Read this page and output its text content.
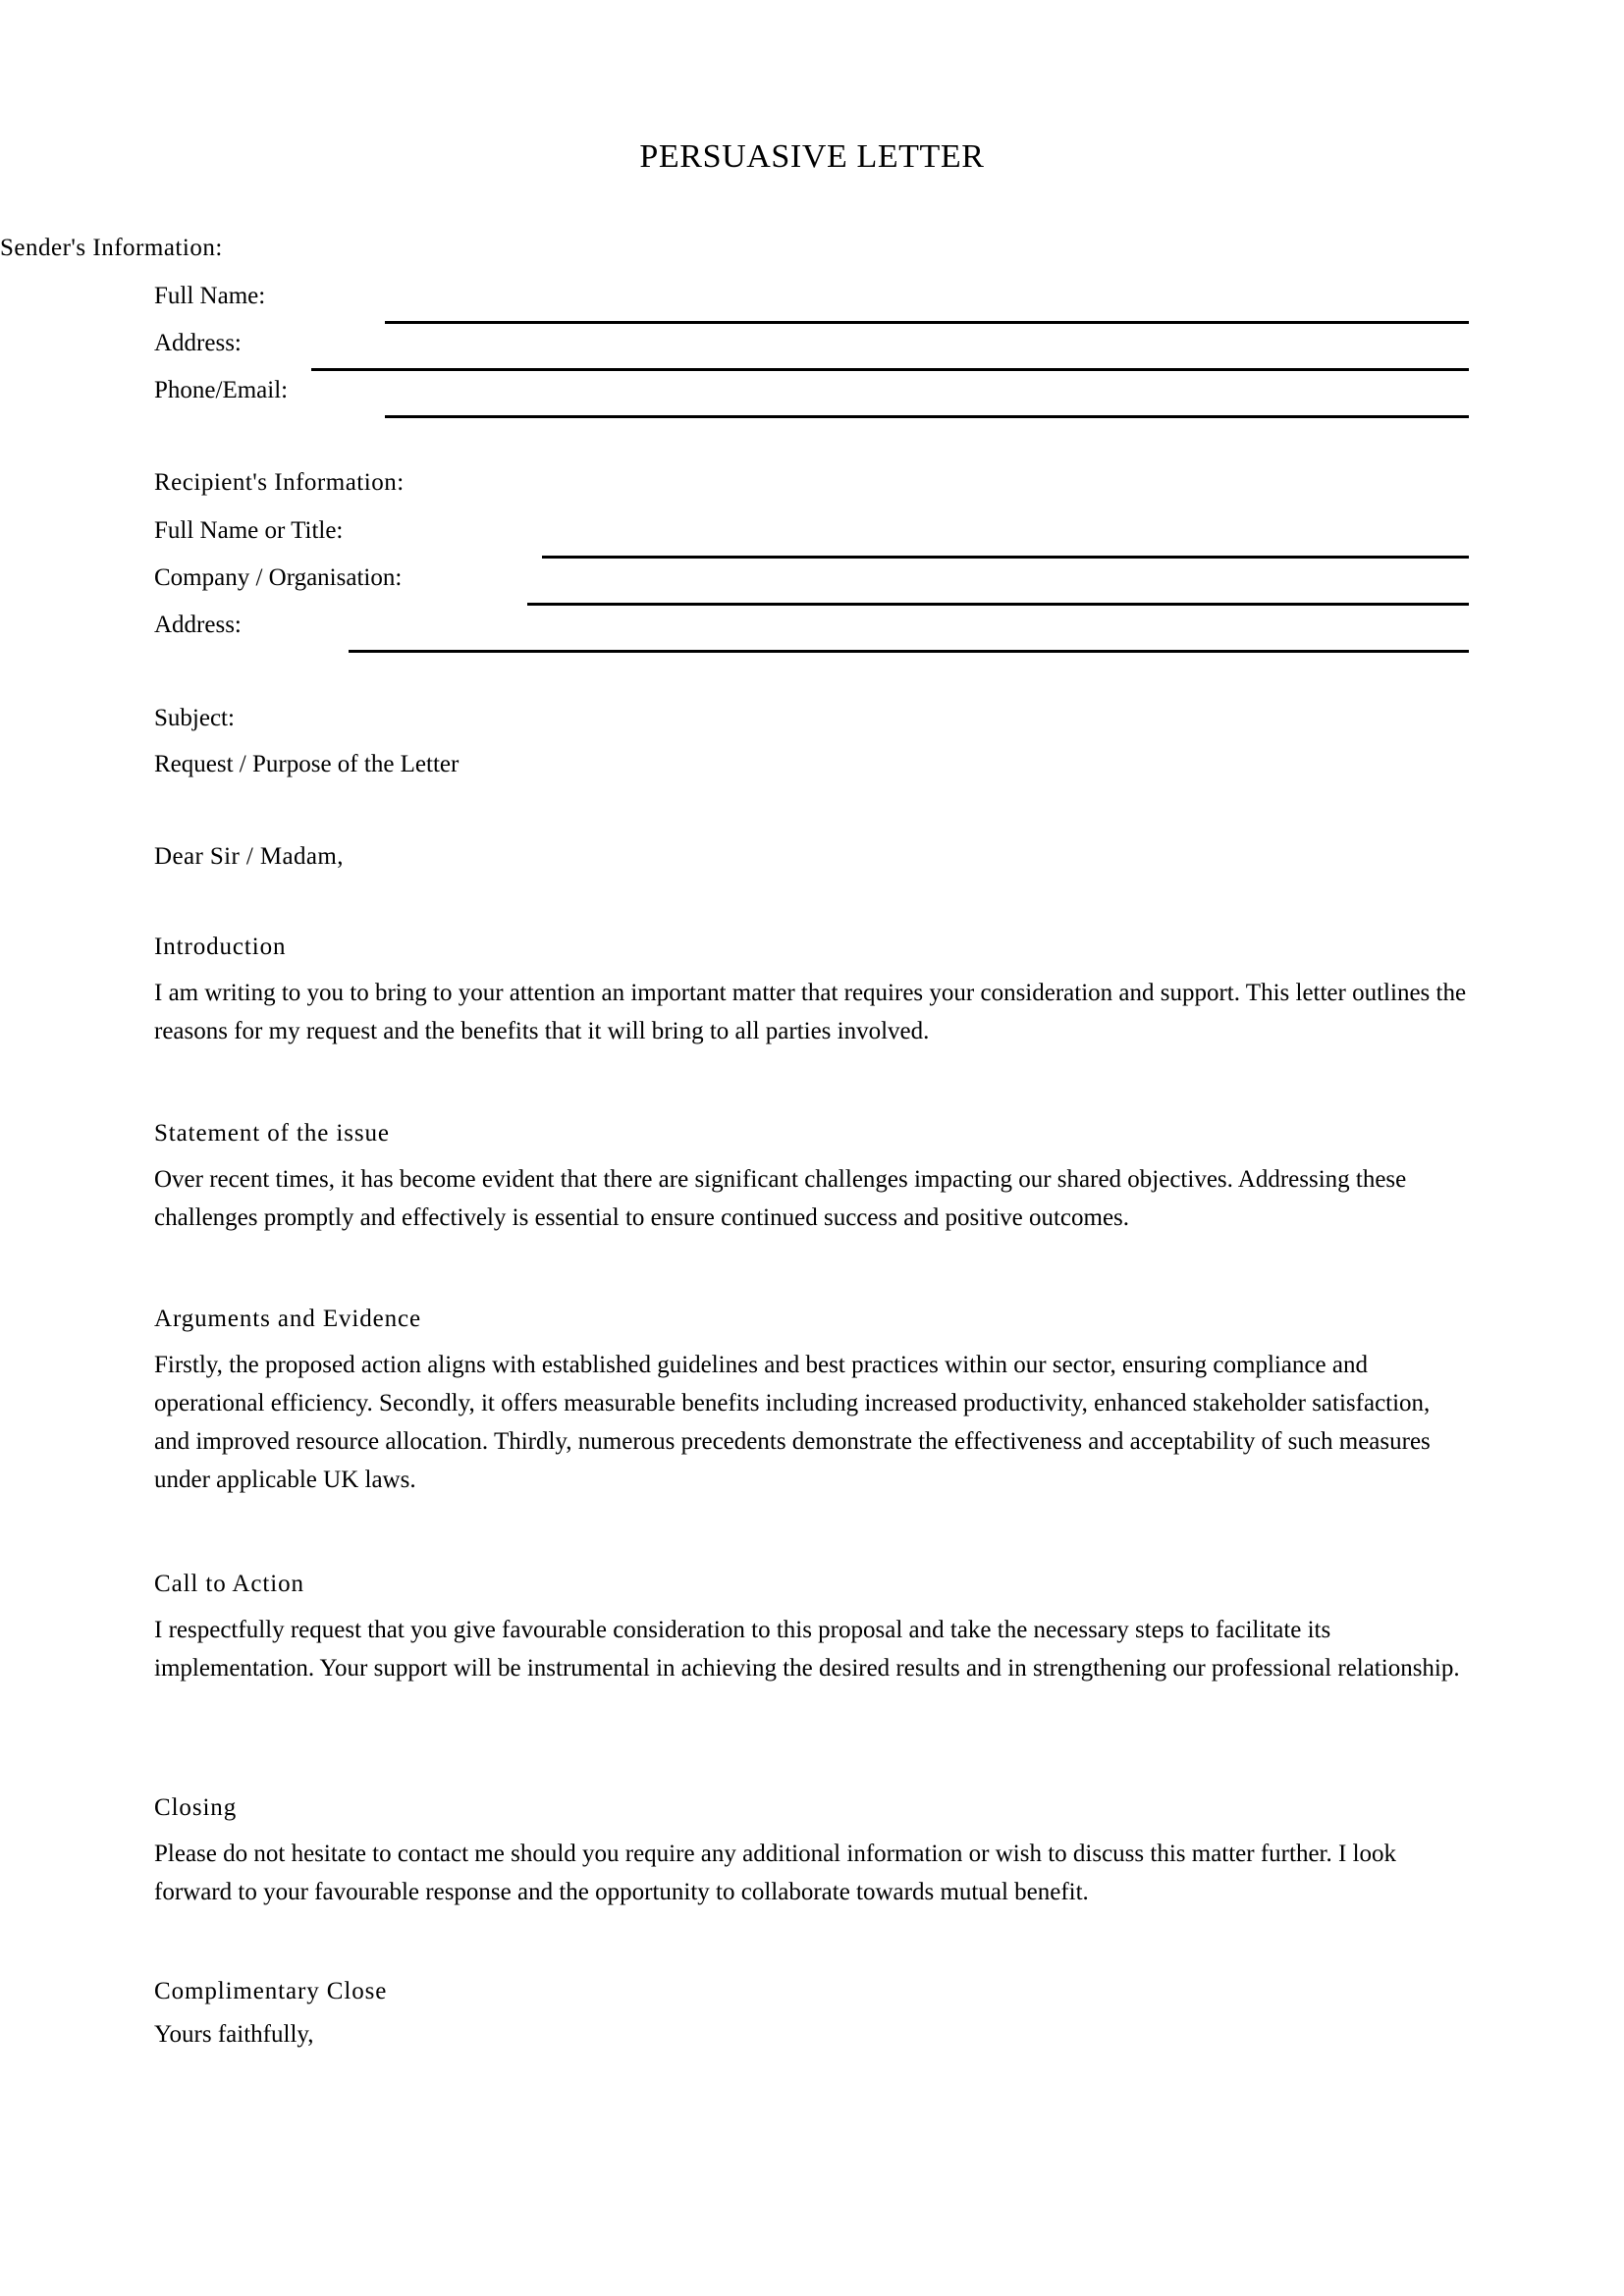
PERSUASIVE LETTER
Sender's Information:
Full Name:
Address:
Phone/Email:
Recipient's Information:
Full Name or Title:
Company / Organisation:
Address:
Subject:
Request / Purpose of the Letter
Dear Sir / Madam,
Introduction

I am writing to you to bring to your attention an important matter that requires your consideration and support. This letter outlines the reasons for my request and the benefits that it will bring to all parties involved.

Statement of the issue

Over recent times, it has become evident that there are significant challenges impacting our shared objectives. Addressing these challenges promptly and effectively is essential to ensure continued success and positive outcomes.

Arguments and Evidence

Firstly, the proposed action aligns with established guidelines and best practices within our sector, ensuring compliance and operational efficiency. Secondly, it offers measurable benefits including increased productivity, enhanced stakeholder satisfaction, and improved resource allocation. Thirdly, numerous precedents demonstrate the effectiveness and acceptability of such measures under applicable UK laws.

Call to Action

I respectfully request that you give favourable consideration to this proposal and take the necessary steps to facilitate its implementation. Your support will be instrumental in achieving the desired results and in strengthening our professional relationship.

Closing

Please do not hesitate to contact me should you require any additional information or wish to discuss this matter further. I look forward to your favourable response and the opportunity to collaborate towards mutual benefit.

Complimentary Close
Yours faithfully,
